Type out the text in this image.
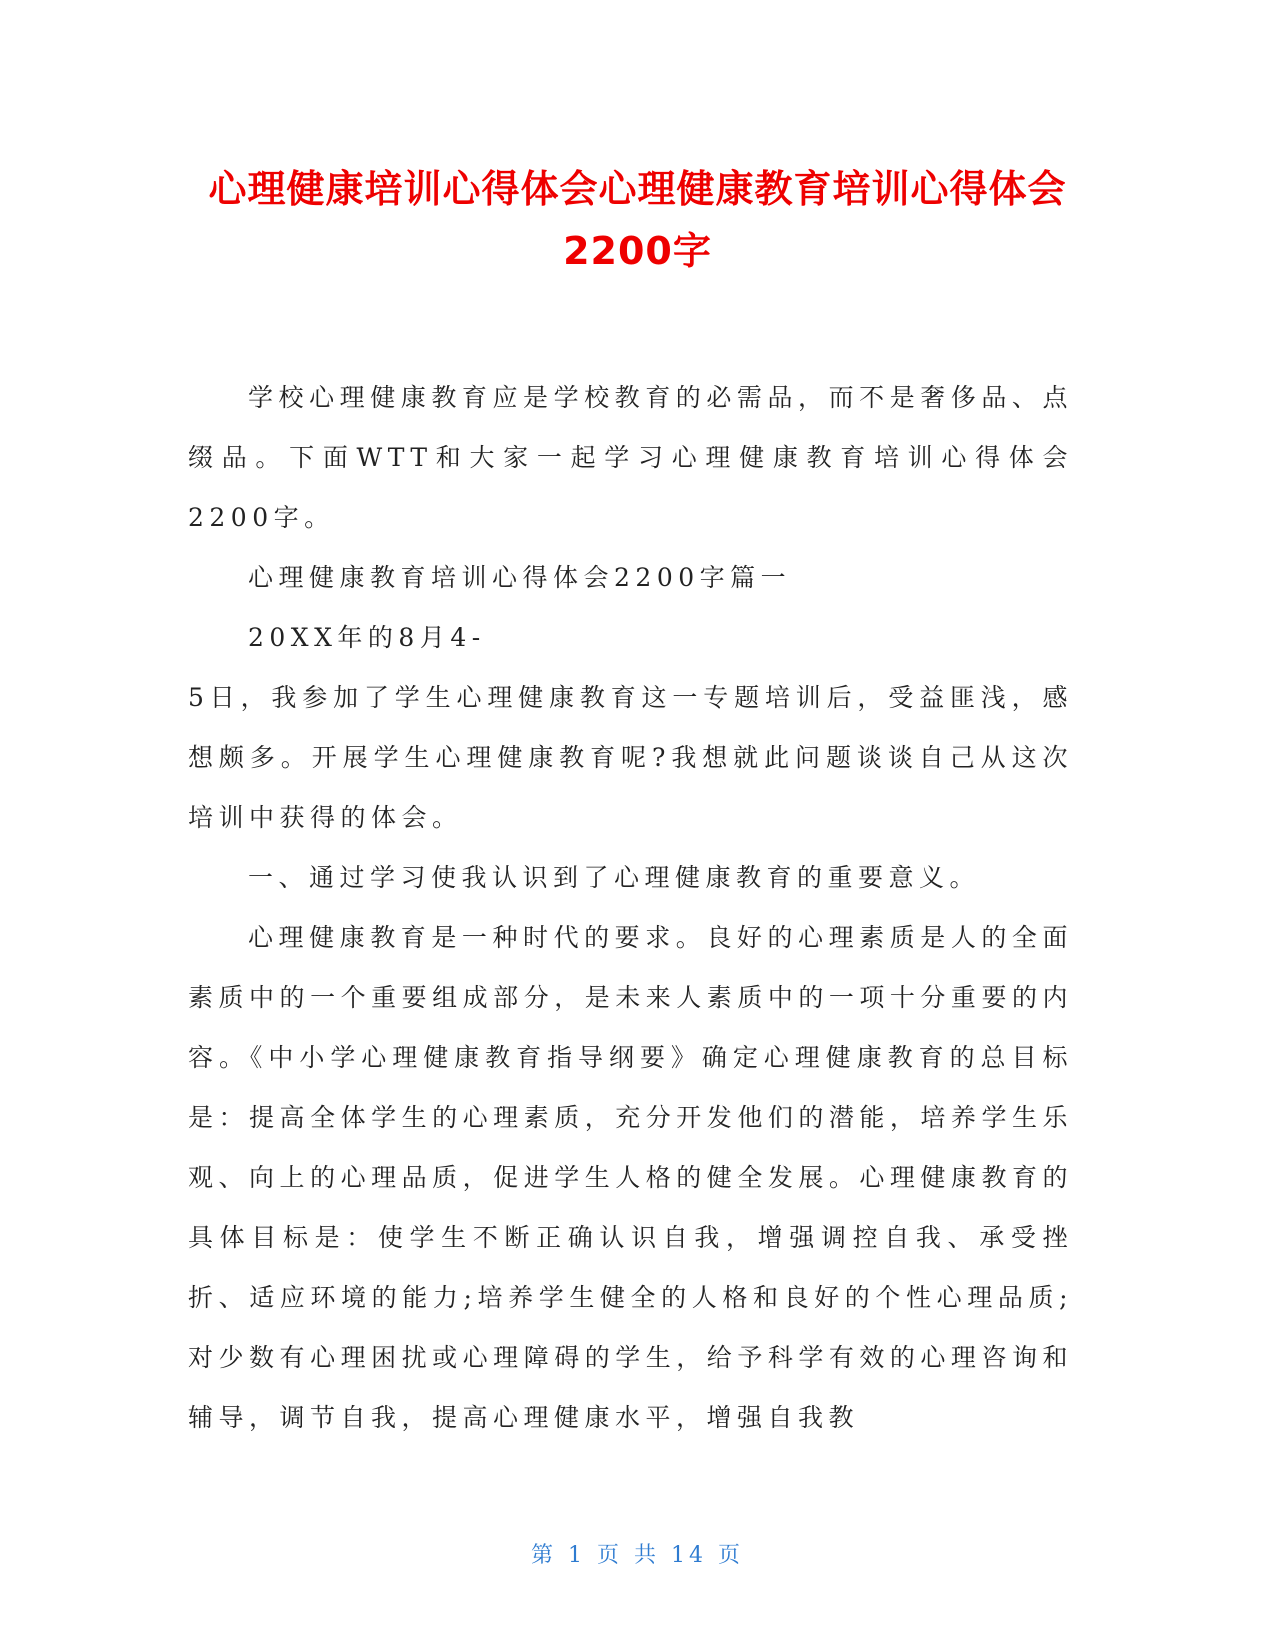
心理健康培训心得体会心理健康教育培训心得体会2200字

学校心理健康教育应是学校教育的必需品，而不是奢侈品、点缀品。下面WTT和大家一起学习心理健康教育培训心得体会2200字。

心理健康教育培训心得体会2200字篇一

20XX年的8月4-

5日，我参加了学生心理健康教育这一专题培训后，受益匪浅，感想颇多。开展学生心理健康教育呢?我想就此问题谈谈自己从这次培训中获得的体会。

一、通过学习使我认识到了心理健康教育的重要意义。

心理健康教育是一种时代的要求。良好的心理素质是人的全面素质中的一个重要组成部分，是未来人素质中的一项十分重要的内容。《中小学心理健康教育指导纲要》确定心理健康教育的总目标是：提高全体学生的心理素质，充分开发他们的潜能，培养学生乐观、向上的心理品质，促进学生人格的健全发展。心理健康教育的具体目标是：使学生不断正确认识自我，增强调控自我、承受挫折、适应环境的能力;培养学生健全的人格和良好的个性心理品质;对少数有心理困扰或心理障碍的学生，给予科学有效的心理咨询和辅导，调节自我，提高心理健康水平，增强自我教

第 1 页 共 14 页
